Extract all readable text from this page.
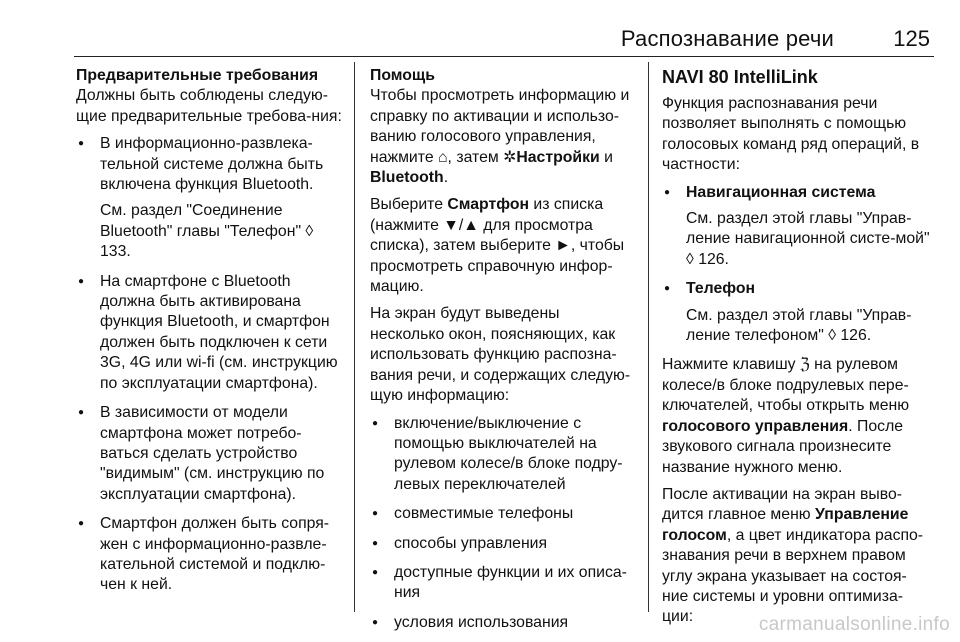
Распознавание речи	125
Предварительные требования

Должны быть соблюдены следую-щие предварительные требова-ния:

● В информационно-развлека-тельной системе должна быть включена функция Bluetooth.
См. раздел "Соединение Bluetooth" главы "Телефон" ◊ 133.
● На смартфоне с Bluetooth должна быть активирована функция Bluetooth, и смартфон должен быть подключен к сети 3G, 4G или wi-fi (см. инструкцию по эксплуатации смартфона).
● В зависимости от модели смартфона может потребо-ваться сделать устройство "видимым" (см. инструкцию по эксплуатации смартфона).
● Смартфон должен быть сопря-жен с информационно-развле-кательной системой и подклю-чен к ней.
Помощь

Чтобы просмотреть информацию и справку по активации и использо-ванию голосового управления, нажмите ⌂, затем ✲Настройки и Bluetooth.

Выберите Смартфон из списка (нажмите ▼/▲ для просмотра списка), затем выберите ►, чтобы просмотреть справочную инфор-мацию.

На экран будут выведены несколько окон, поясняющих, как использовать функцию распозна-вания речи, и содержащих следую-щую информацию:

● включение/выключение с помощью выключателей на рулевом колесе/в блоке подру-левых переключателей
● совместимые телефоны
● способы управления
● доступные функции и их описа-ния
● условия использования
NAVI 80 IntelliLink

Функция распознавания речи позволяет выполнять с помощью голосовых команд ряд операций, в частности:

● Навигационная система
См. раздел этой главы "Управ-ление навигационной систе-мой" ◊ 126.
● Телефон
См. раздел этой главы "Управ-ление телефоном" ◊ 126.

Нажмите клавишу ℨ на рулевом колесе/в блоке подрулевых пере-ключателей, чтобы открыть меню голосового управления. После звукового сигнала произнесите название нужного меню.

После активации на экран выво-дится главное меню Управление голосом, а цвет индикатора распо-знавания речи в верхнем правом углу экрана указывает на состоя-ние системы и уровни оптимиза-ции:	carmanualsonline.info
